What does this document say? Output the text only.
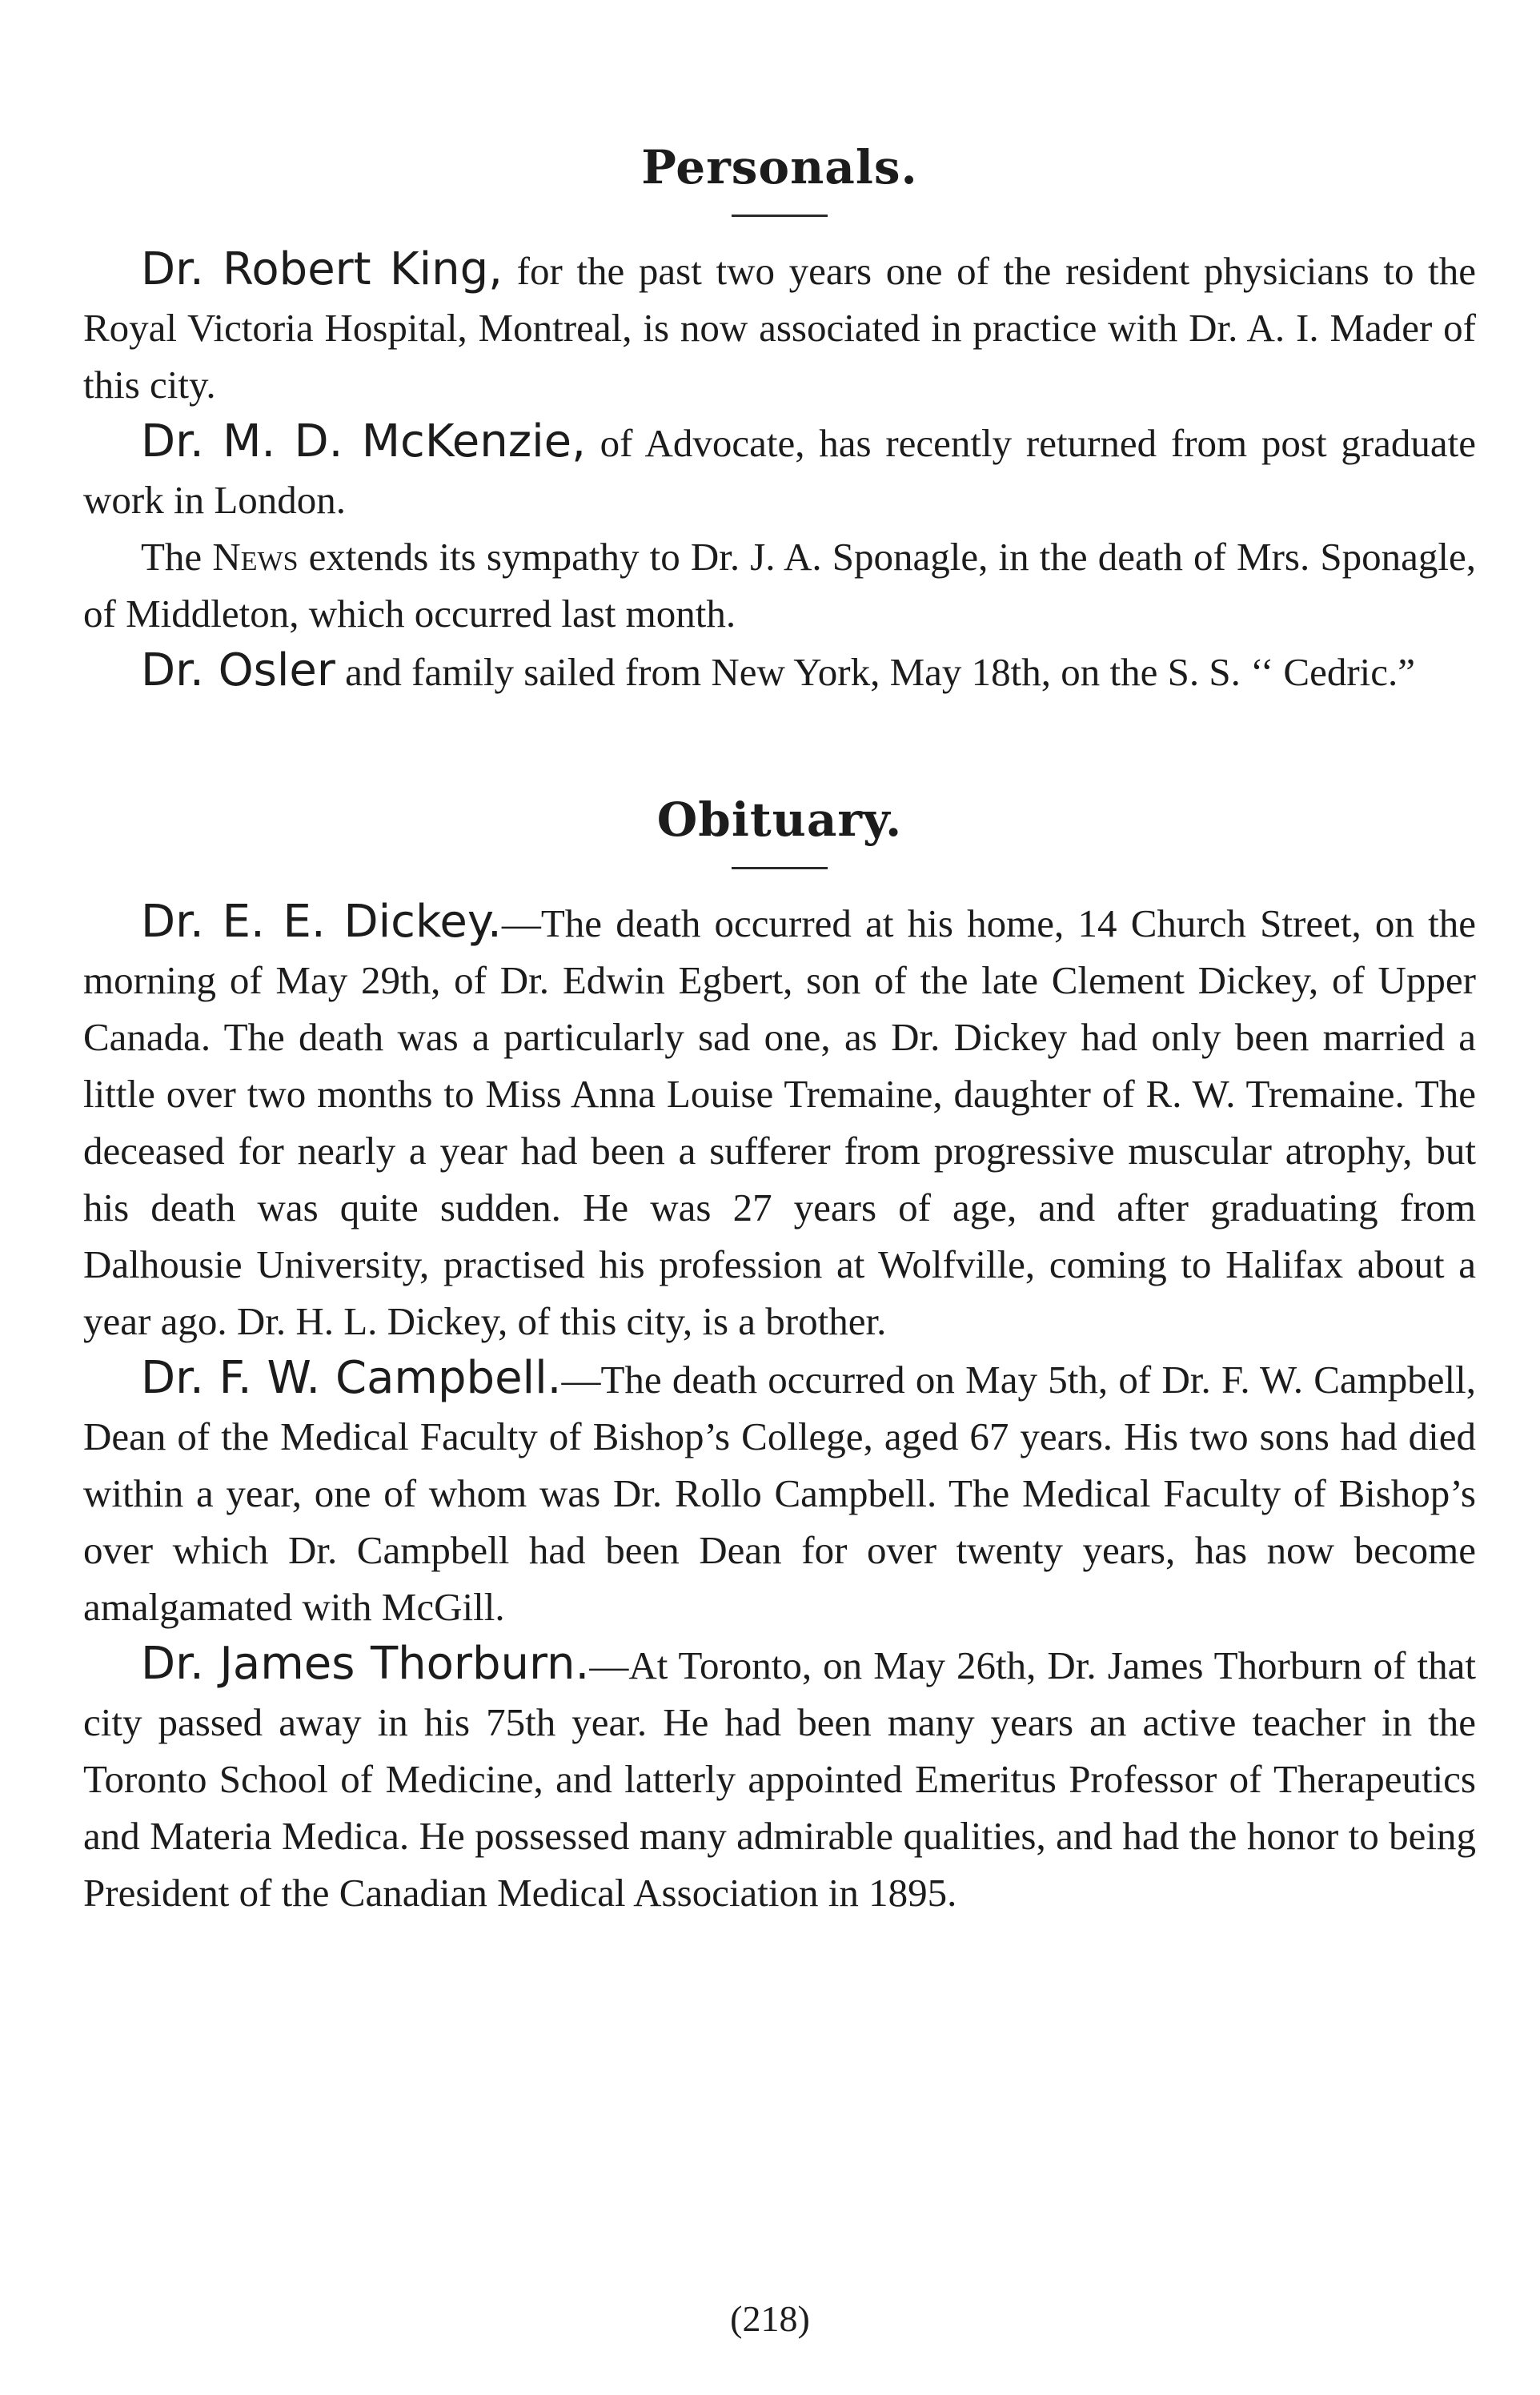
Personals.

Dr. Robert King, for the past two years one of the resident physicians to the Royal Victoria Hospital, Montreal, is now associated in practice with Dr. A. I. Mader of this city.

Dr. M. D. McKenzie, of Advocate, has recently returned from post graduate work in London.

The News extends its sympathy to Dr. J. A. Sponagle, in the death of Mrs. Sponagle, of Middleton, which occurred last month.

Dr. Osler and family sailed from New York, May 18th, on the S. S. ‘‘ Cedric.”

Obituary.

Dr. E. E. Dickey.—The death occurred at his home, 14 Church Street, on the morning of May 29th, of Dr. Edwin Egbert, son of the late Clement Dickey, of Upper Canada. The death was a particularly sad one, as Dr. Dickey had only been married a little over two months to Miss Anna Louise Tremaine, daughter of R. W. Tremaine. The deceased for nearly a year had been a sufferer from progressive muscular atrophy, but his death was quite sudden. He was 27 years of age, and after graduating from Dalhousie University, practised his profession at Wolfville, coming to Halifax about a year ago. Dr. H. L. Dickey, of this city, is a brother.

Dr. F. W. Campbell.—The death occurred on May 5th, of Dr. F. W. Campbell, Dean of the Medical Faculty of Bishop’s College, aged 67 years. His two sons had died within a year, one of whom was Dr. Rollo Campbell. The Medical Faculty of Bishop’s over which Dr. Campbell had been Dean for over twenty years, has now become amalgamated with McGill.

Dr. James Thorburn.—At Toronto, on May 26th, Dr. James Thorburn of that city passed away in his 75th year. He had been many years an active teacher in the Toronto School of Medicine, and latterly appointed Emeritus Professor of Therapeutics and Materia Medica. He possessed many admirable qualities, and had the honor to being President of the Canadian Medical Association in 1895.

(218)
